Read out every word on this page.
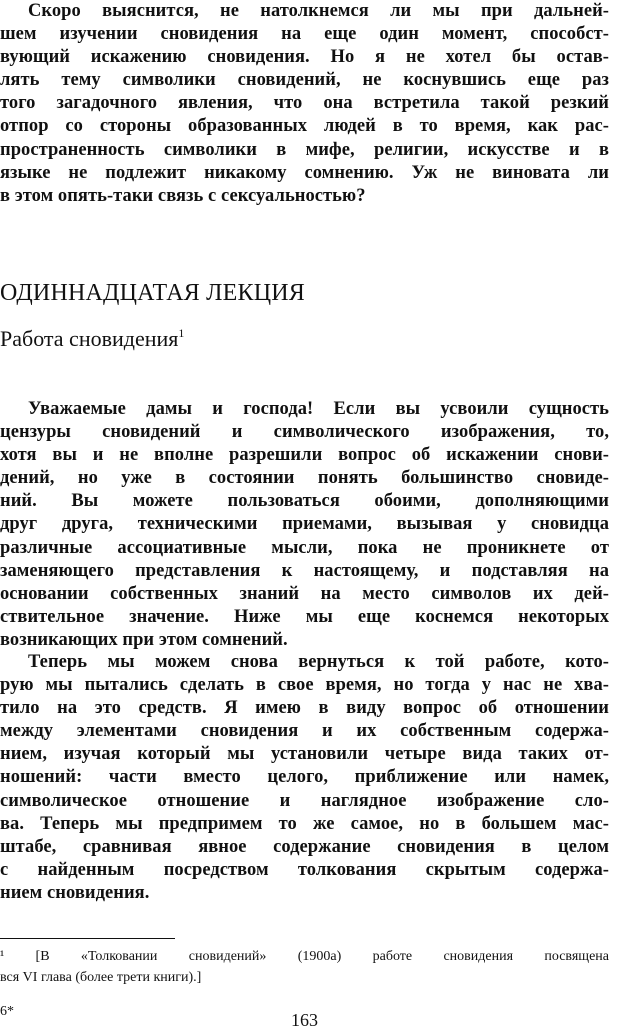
Скоро выяснится, не натолкнемся ли мы при дальней-
шем изучении сновидения на еще один момент, способст-
вующий искажению сновидения. Но я не хотел бы остав-
лять тему символики сновидений, не коснувшись еще раз
того загадочного явления, что она встретила такой резкий
отпор со стороны образованных людей в то время, как рас-
пространенность символики в мифе, религии, искусстве и в
языке не подлежит никакому сомнению. Уж не виновата ли
в этом опять-таки связь с сексуальностью?
ОДИННАДЦАТАЯ ЛЕКЦИЯ
Работа сновидения$^1$
Уважаемые дамы и господа! Если вы усвоили сущность
цензуры сновидений и символического изображения, то,
хотя вы и не вполне разрешили вопрос об искажении снови-
дений, но уже в состоянии понять большинство сновиде-
ний. Вы можете пользоваться обоими, дополняющими
друг друга, техническими приемами, вызывая у сновидца
различные ассоциативные мысли, пока не проникнете от
заменяющего представления к настоящему, и подставляя на
основании собственных знаний на место символов их дей-
ствительное значение. Ниже мы еще коснемся некоторых
возникающих при этом сомнений.
Теперь мы можем снова вернуться к той работе, кото-
рую мы пытались сделать в свое время, но тогда у нас не хва-
тило на это средств. Я имею в виду вопрос об отношении
между элементами сновидения и их собственным содержа-
нием, изучая который мы установили четыре вида таких от-
ношений: части вместо целого, приближение или намек,
символическое отношение и наглядное изображение сло-
ва. Теперь мы предпримем то же самое, но в большем мас-
штабе, сравнивая явное содержание сновидения в целом
с найденным посредством толкования скрытым содержа-
нием сновидения.
¹ [В «Толковании сновидений» (1900а) работе сновидения посвящена
вся VI глава (более трети книги).]
6*	163
